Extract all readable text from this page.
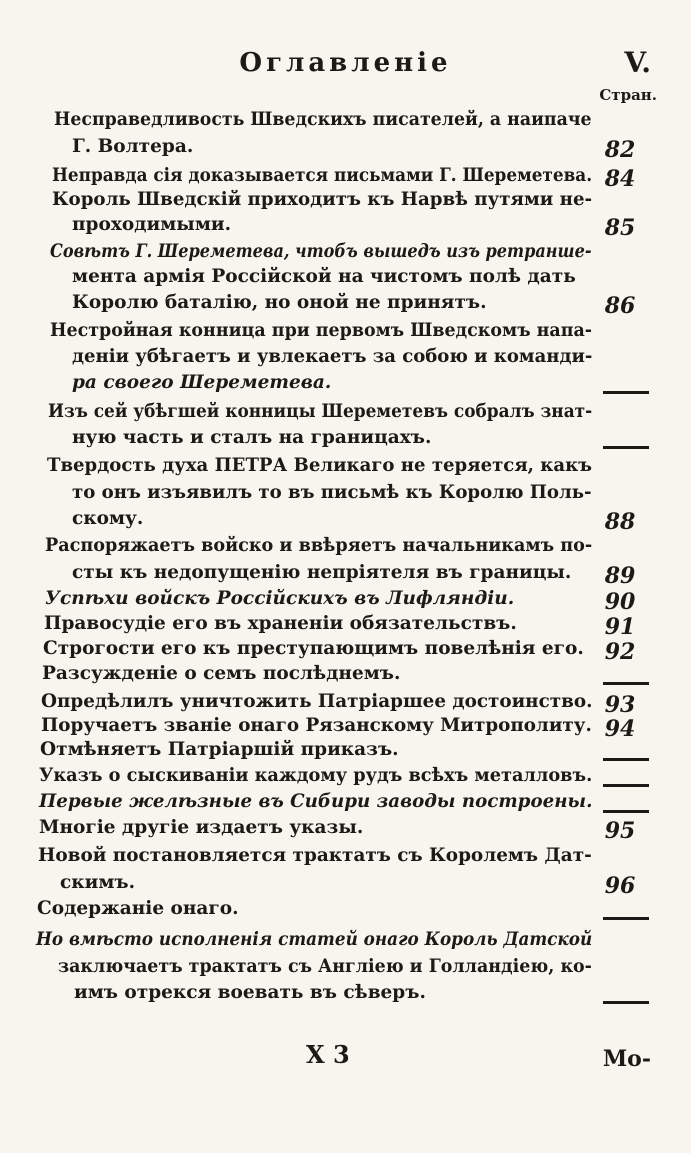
Оглавленіе	V.
Стран.
Несправедливость Шведскихъ писателей, а наипаче
Г. Волтера.	82
Неправда сія доказывается письмами Г. Шереметева. 84
Король Шведскій приходитъ къ Нарвѣ путями не-
проходимыми.	85
Совѣтъ Г. Шереметева, чтобъ вышедъ изъ ретранше-
мента армія Россійской на чистомъ полѣ дать
Королю баталію, но оной не принятъ.	86
Нестройная конница при первомъ Шведскомъ напа-
деніи убѣгаетъ и увлекаетъ за собою и команди-
ра своего Шереметева.
Изъ сей убѣгшей конницы Шереметевъ собралъ знат-
ную часть и сталъ на границахъ.
Твердость духа ПЕТРА Великаго не теряется, какъ
то онъ изъявилъ то въ письмѣ къ Королю Поль-
скому.	88
Распоряжаетъ войско и ввѣряетъ начальникамъ по-
сты къ недопущенію непріятеля въ границы.	89
Успѣхи войскъ Россійскихъ въ Лифляндіи.	90
Правосудіе его въ храненіи обязательствъ.	91
Строгости его къ преступающимъ повелѣнія его. 92
Разсужденіе о семъ послѣднемъ.
Опредѣлилъ уничтожить Патріаршее достоинство. 93
Поручаетъ званіе онаго Рязанскому Митрополиту. 94
Отмѣняетъ Патріаршій приказъ.
Указъ о сыскиваніи каждому рудъ всѣхъ металловъ.
Первые желѣзные въ Сибири заводы построены.
Многіе другіе издаетъ указы.	95
Новой постановляется трактатъ съ Королемъ Дат-
скимъ.	96
Содержаніе онаго.
Но вмѣсто исполненія статей онаго Король Датской
заключаетъ трактатъ съ Англіею и Голландіею, ко-
имъ отрекся воевать въ сѣверъ.
Х 3	Мо-
